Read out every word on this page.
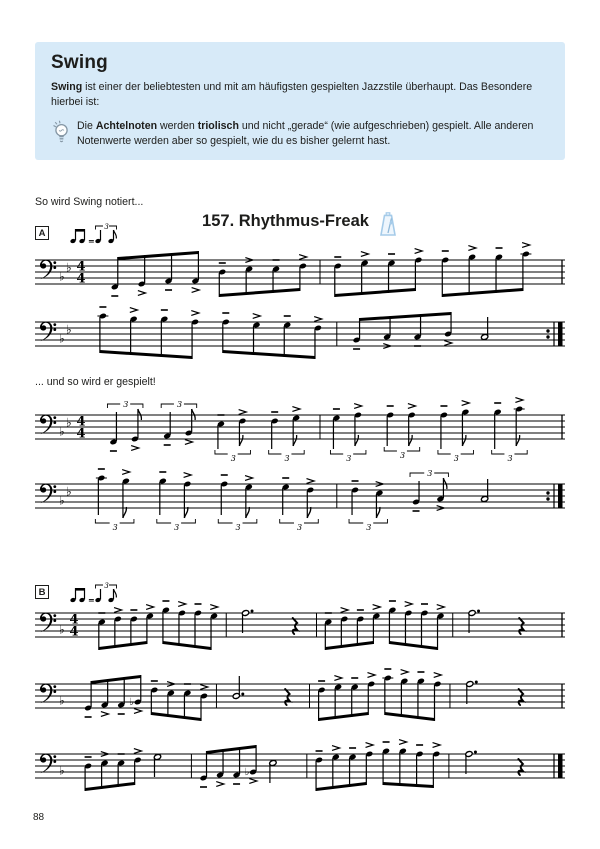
Swing

Swing ist einer der beliebtesten und mit am häufigsten gespielten Jazzstile überhaupt. Das Besondere hierbei ist:

Die Achtelnoten werden triolisch und nicht „gerade“ (wie aufgeschrieben) gespielt. Alle anderen Notenwerte werden aber so gespielt, wie du es bisher gelernt hast.
So wird Swing notiert...
157. Rhythmus-Freak
A
=
3
♭
♭ 4
4
♭
♭
... und so wird er gespielt!
♭
♭ 4
4
3	3
3	3	3	3	3	3
♭
♭
3	3	3	3	3
3
B
=
3
♭
4
4
♭	♭
♭	♭
88
